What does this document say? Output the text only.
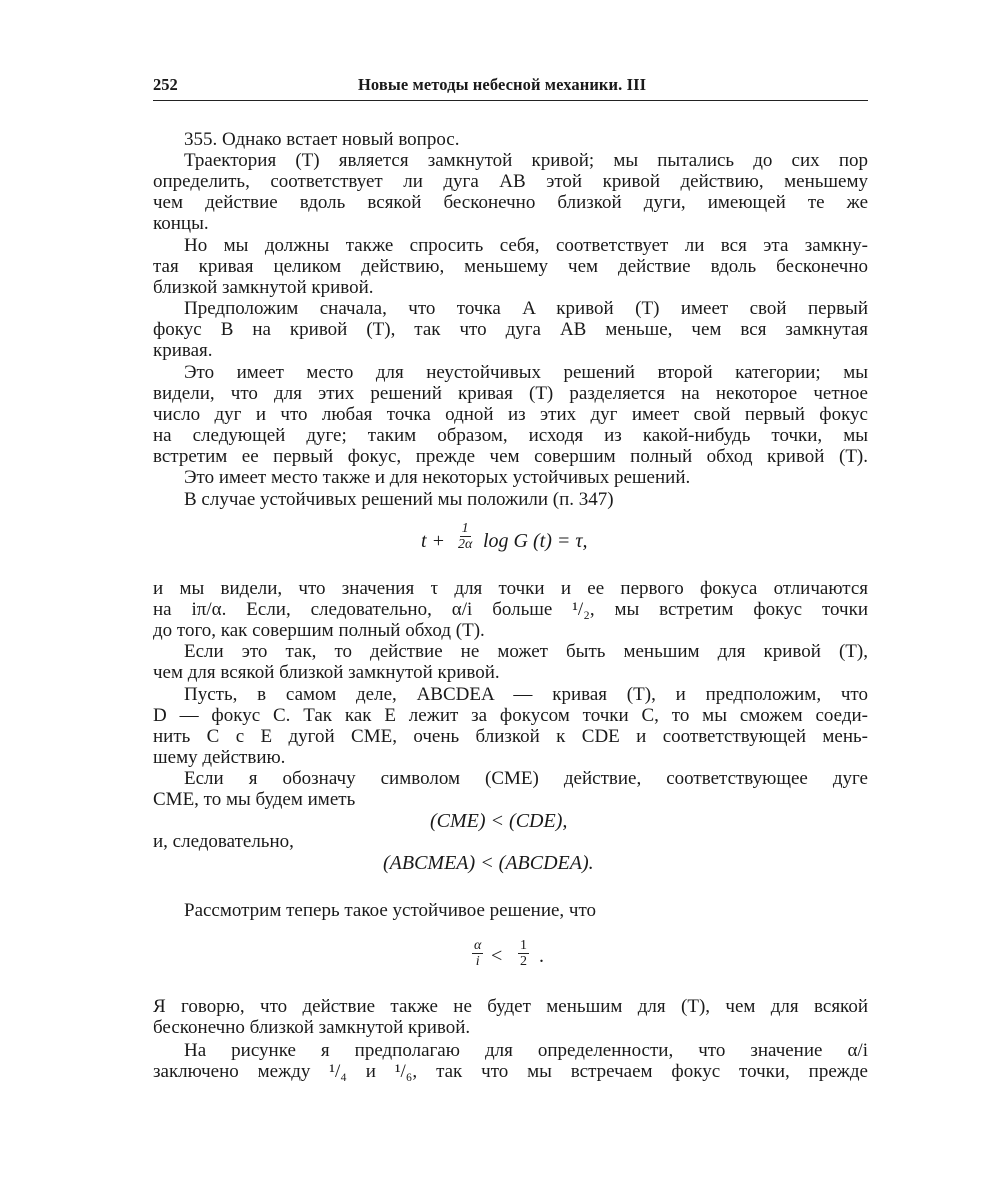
252	Новые методы небесной механики. III
355. Однако встает новый вопрос.
Траектория (T) является замкнутой кривой; мы пытались до сих пор
определить, соответствует ли дуга AB этой кривой действию, меньшему
чем действие вдоль всякой бесконечно близкой дуги, имеющей те же
концы.
Но мы должны также спросить себя, соответствует ли вся эта замкну-
тая кривая целиком действию, меньшему чем действие вдоль бесконечно
близкой замкнутой кривой.
Предположим сначала, что точка A кривой (T) имеет свой первый
фокус B на кривой (T), так что дуга AB меньше, чем вся замкнутая
кривая.
Это имеет место для неустойчивых решений второй категории; мы
видели, что для этих решений кривая (T) разделяется на некоторое четное
число дуг и что любая точка одной из этих дуг имеет свой первый фокус
на следующей дуге; таким образом, исходя из какой-нибудь точки, мы
встретим ее первый фокус, прежде чем совершим полный обход кривой (T).
Это имеет место также и для некоторых устойчивых решений.
В случае устойчивых решений мы положили (п. 347)
$t + \frac{1}{2\alpha}$ log G (t) = τ,
и мы видели, что значения τ для точки и ее первого фокуса отличаются
на iπ/α. Если, следовательно, α/i больше ¹/₂, мы встретим фокус точки
до того, как совершим полный обход (T).
Если это так, то действие не может быть меньшим для кривой (T),
чем для всякой близкой замкнутой кривой.
Пусть, в самом деле, ABCDEA — кривая (T), и предположим, что
D — фокус C. Так как E лежит за фокусом точки C, то мы сможем соеди-
нить C с E дугой CME, очень близкой к CDE и соответствующей мень-
шему действию.
Если я обозначу символом (CME) действие, соответствующее дуге
CME, то мы будем иметь
(CME) < (CDE),
и, следовательно,
(ABCMEA) < (ABCDEA).
Рассмотрим теперь такое устойчивое решение, что
$\frac{\alpha}{i} < \frac{1}{2}$ .
Я говорю, что действие также не будет меньшим для (T), чем для всякой
бесконечно близкой замкнутой кривой.
На рисунке я предполагаю для определенности, что значение α/i
заключено между ¹/₄ и ¹/₆, так что мы встречаем фокус точки, прежде
